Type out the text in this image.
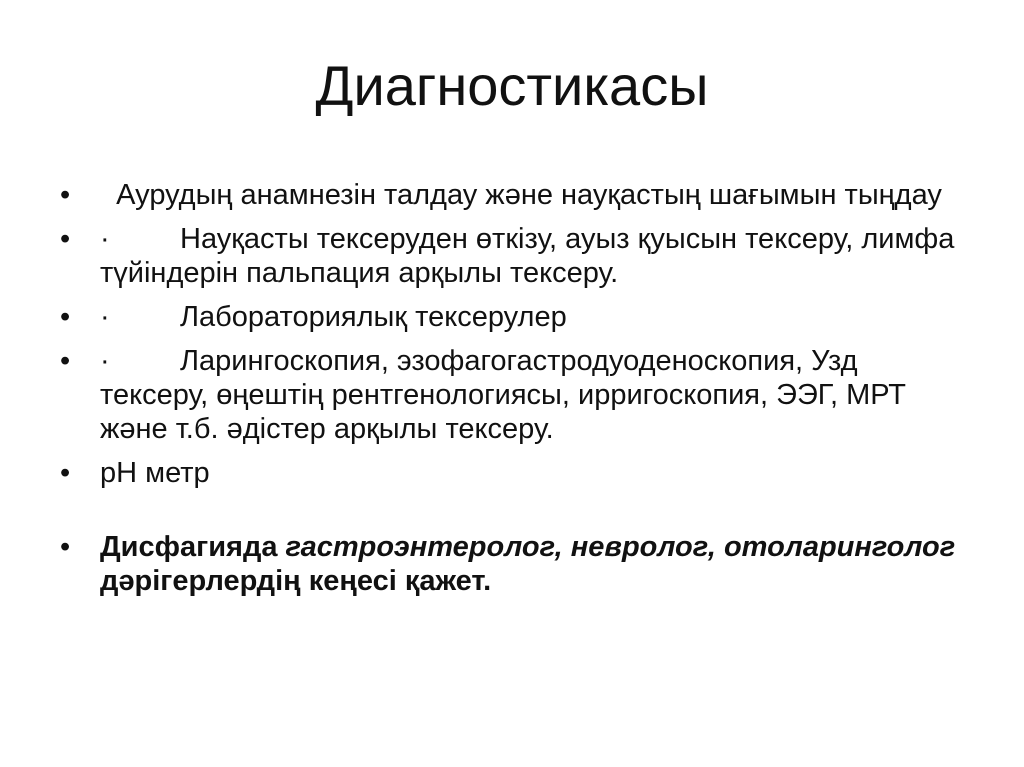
Диагностикасы
•	Аурудың анамнезін талдау және науқастың шағымын тыңдау
•	· Науқасты тексеруден өткізу, ауыз қуысын тексеру, лимфа түйіндерін пальпация арқылы тексеру.
•	· Лабораториялық тексерулер
•	· Ларингоскопия, эзофагогастродуоденоскопия, Узд тексеру, өңештің рентгенологиясы, ирригоскопия, ЭЭГ, МРТ және т.б. әдістер арқылы тексеру.
•	pH метр
•	Дисфагияда гастроэнтеролог, невролог, отоларинголог дәрігерлердің кеңесі қажет.
